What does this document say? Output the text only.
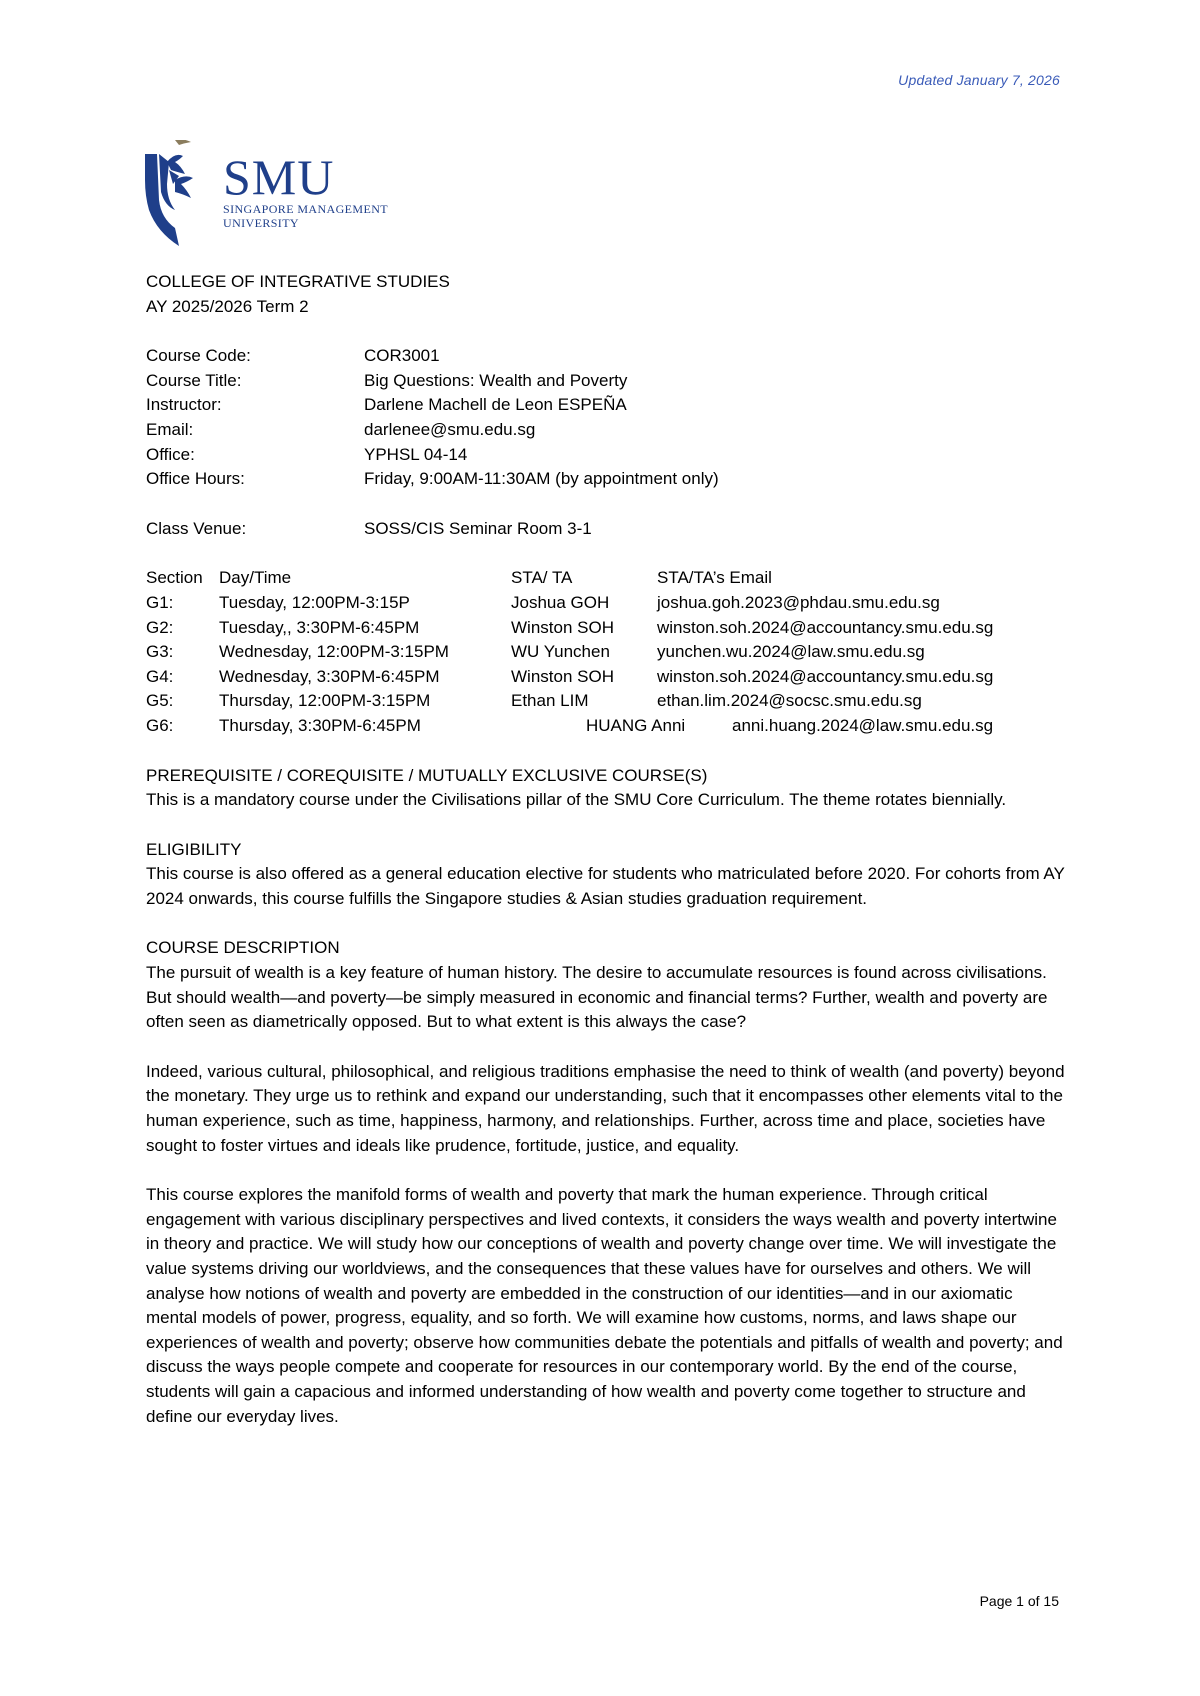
Updated January 7, 2026
SMU
SINGAPORE MANAGEMENT
UNIVERSITY
COLLEGE OF INTEGRATIVE STUDIES
AY 2025/2026 Term 2
Course Code:	COR3001
Course Title:	Big Questions: Wealth and Poverty
Instructor:	Darlene Machell de Leon ESPEÑA
Email:	darlenee@smu.edu.sg
Office:	YPHSL 04-14
Office Hours:	Friday, 9:00AM-11:30AM (by appointment only)
Class Venue:	SOSS/CIS Seminar Room 3-1
Section Day/Time	STA/ TA	STA/TA’s Email
G1:	Tuesday, 12:00PM-3:15P	Joshua GOH	joshua.goh.2023@phdau.smu.edu.sg
G2:	Tuesday,, 3:30PM-6:45PM	Winston SOH	winston.soh.2024@accountancy.smu.edu.sg
G3:	Wednesday, 12:00PM-3:15PM	WU Yunchen	yunchen.wu.2024@law.smu.edu.sg
G4:	Wednesday, 3:30PM-6:45PM	Winston SOH	winston.soh.2024@accountancy.smu.edu.sg
G5:	Thursday, 12:00PM-3:15PM	Ethan LIM	ethan.lim.2024@socsc.smu.edu.sg
G6:	Thursday, 3:30PM-6:45PM	HUANG Anni	anni.huang.2024@law.smu.edu.sg
PREREQUISITE / COREQUISITE / MUTUALLY EXCLUSIVE COURSE(S)

This is a mandatory course under the Civilisations pillar of the SMU Core Curriculum. The theme rotates biennially.

ELIGIBILITY

This course is also offered as a general education elective for students who matriculated before 2020. For cohorts from AY 2024 onwards, this course fulfills the Singapore studies & Asian studies graduation requirement.

COURSE DESCRIPTION

The pursuit of wealth is a key feature of human history. The desire to accumulate resources is found across civilisations. But should wealth—and poverty—be simply measured in economic and financial terms? Further, wealth and poverty are often seen as diametrically opposed. But to what extent is this always the case?

Indeed, various cultural, philosophical, and religious traditions emphasise the need to think of wealth (and poverty) beyond the monetary. They urge us to rethink and expand our understanding, such that it encompasses other elements vital to the human experience, such as time, happiness, harmony, and relationships. Further, across time and place, societies have sought to foster virtues and ideals like prudence, fortitude, justice, and equality.

This course explores the manifold forms of wealth and poverty that mark the human experience. Through critical engagement with various disciplinary perspectives and lived contexts, it considers the ways wealth and poverty intertwine in theory and practice. We will study how our conceptions of wealth and poverty change over time. We will investigate the value systems driving our worldviews, and the consequences that these values have for ourselves and others. We will analyse how notions of wealth and poverty are embedded in the construction of our identities—and in our axiomatic mental models of power, progress, equality, and so forth. We will examine how customs, norms, and laws shape our experiences of wealth and poverty; observe how communities debate the potentials and pitfalls of wealth and poverty; and discuss the ways people compete and cooperate for resources in our contemporary world. By the end of the course, students will gain a capacious and informed understanding of how wealth and poverty come together to structure and define our everyday lives.

Page 1 of 15
